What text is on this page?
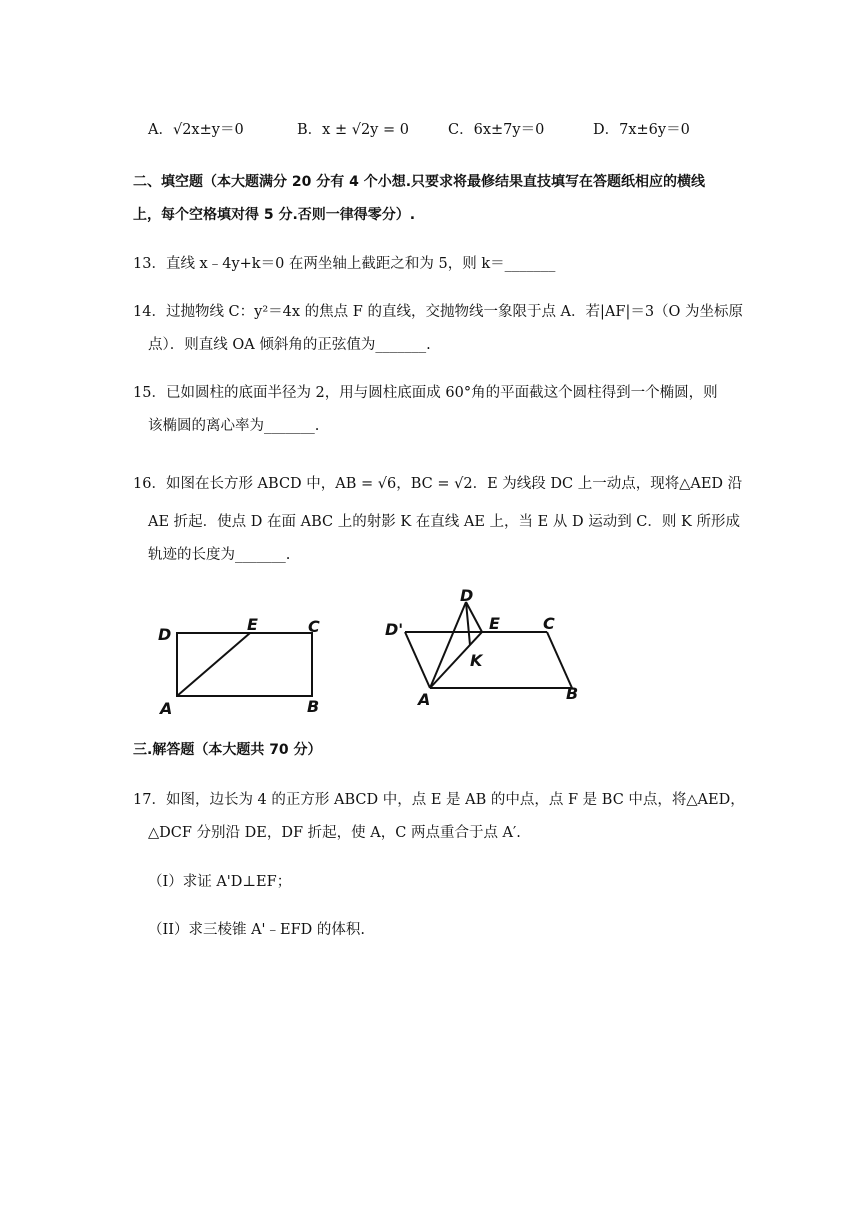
A．√2x±y＝0	B．x ± √2y = 0	C．6x±7y＝0	D．7x±6y＝0
二、填空题（本大题满分 20 分有 4 个小想.只要求将最修结果直技填写在答题纸相应的横线
上，每个空格填对得 5 分.否则一律得零分）.
13．直线 x﹣4y+k＝0 在两坐轴上截距之和为 5，则 k＝_______
14．过抛物线 C：y²＝4x 的焦点 F 的直线，交抛物线一象限于点 A．若|AF|＝3（O 为坐标原
点）．则直线 OA 倾斜角的正弦值为_______.
15．已如圆柱的底面半径为 2，用与圆柱底面成 60°角的平面截这个圆柱得到一个椭圆，则
该椭圆的离心率为_______.
16．如图在长方形 ABCD 中，AB = √6，BC = √2．E 为线段 DC 上一动点，现将△AED 沿
AE 折起．使点 D 在面 ABC 上的射影 K 在直线 AE 上，当 E 从 D 运动到 C．则 K 所形成
轨迹的长度为_______.
D
E	C
A	B
D'
D
E	C
K
A	B
三.解答题（本大题共 70 分）
17．如图，边长为 4 的正方形 ABCD 中，点 E 是 AB 的中点，点 F 是 BC 中点，将△AED，
△DCF 分别沿 DE，DF 折起，使 A，C 两点重合于点 A′.
（I）求证 A'D⊥EF；
（II）求三棱锥 A'﹣EFD 的体积.
